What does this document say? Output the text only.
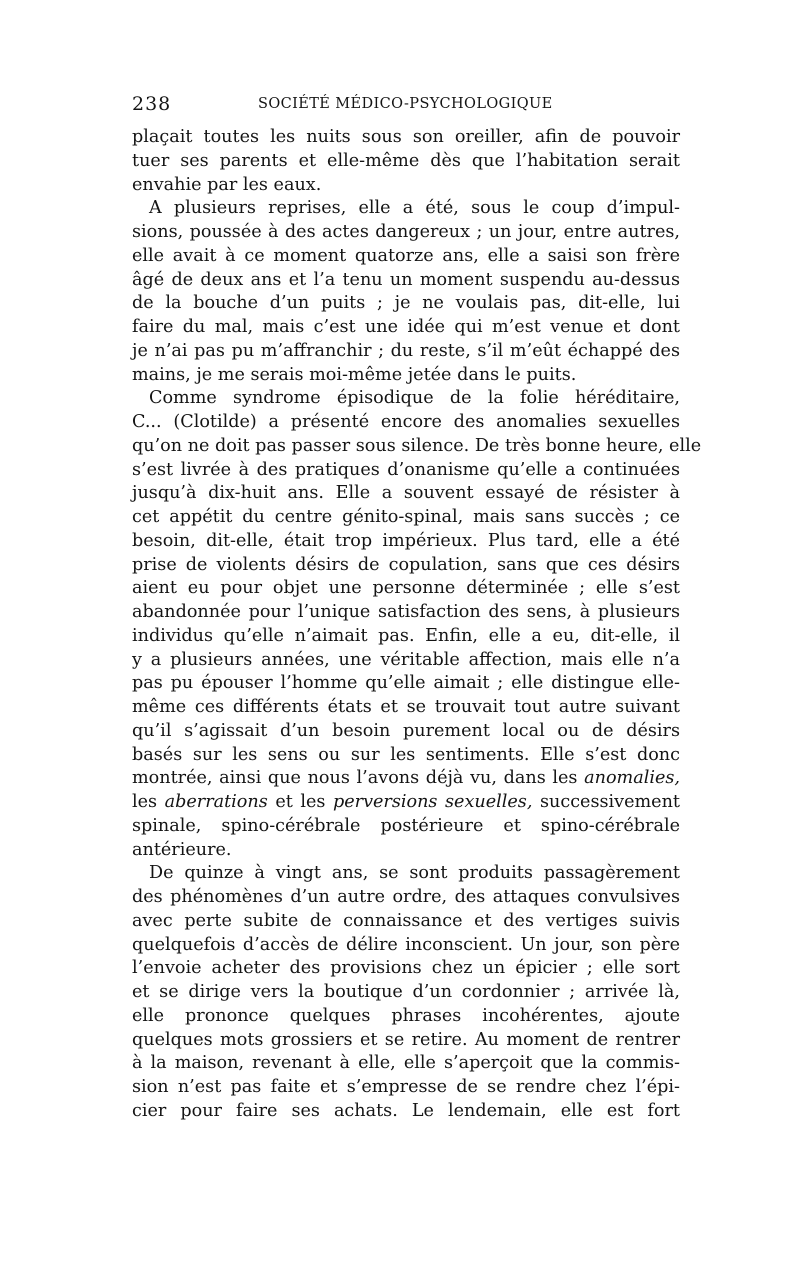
238	SOCIÉTÉ MÉDICO-PSYCHOLOGIQUE
plaçait toutes les nuits sous son oreiller, afin de pouvoir
tuer ses parents et elle-même dès que l’habitation serait
envahie par les eaux.
A plusieurs reprises, elle a été, sous le coup d’impul-
sions, poussée à des actes dangereux ; un jour, entre autres,
elle avait à ce moment quatorze ans, elle a saisi son frère
âgé de deux ans et l’a tenu un moment suspendu au-dessus
de la bouche d’un puits ; je ne voulais pas, dit-elle, lui
faire du mal, mais c’est une idée qui m’est venue et dont
je n’ai pas pu m’affranchir ; du reste, s’il m’eût échappé des
mains, je me serais moi-même jetée dans le puits.
Comme syndrome épisodique de la folie héréditaire,
C... (Clotilde) a présenté encore des anomalies sexuelles
qu’on ne doit pas passer sous silence. De très bonne heure, elle
s’est livrée à des pratiques d’onanisme qu’elle a continuées
jusqu’à dix-huit ans. Elle a souvent essayé de résister à
cet appétit du centre génito-spinal, mais sans succès ; ce
besoin, dit-elle, était trop impérieux. Plus tard, elle a été
prise de violents désirs de copulation, sans que ces désirs
aient eu pour objet une personne déterminée ; elle s’est
abandonnée pour l’unique satisfaction des sens, à plusieurs
individus qu’elle n’aimait pas. Enfin, elle a eu, dit-elle, il
y a plusieurs années, une véritable affection, mais elle n’a
pas pu épouser l’homme qu’elle aimait ; elle distingue elle-
même ces différents états et se trouvait tout autre suivant
qu’il s’agissait d’un besoin purement local ou de désirs
basés sur les sens ou sur les sentiments. Elle s’est donc
montrée, ainsi que nous l’avons déjà vu, dans les anomalies,
les aberrations et les perversions sexuelles, successivement
spinale, spino-cérébrale postérieure et spino-cérébrale
antérieure.
De quinze à vingt ans, se sont produits passagèrement
des phénomènes d’un autre ordre, des attaques convulsives
avec perte subite de connaissance et des vertiges suivis
quelquefois d’accès de délire inconscient. Un jour, son père
l’envoie acheter des provisions chez un épicier ; elle sort
et se dirige vers la boutique d’un cordonnier ; arrivée là,
elle prononce quelques phrases incohérentes, ajoute
quelques mots grossiers et se retire. Au moment de rentrer
à la maison, revenant à elle, elle s’aperçoit que la commis-
sion n’est pas faite et s’empresse de se rendre chez l’épi-
cier pour faire ses achats. Le lendemain, elle est fort
